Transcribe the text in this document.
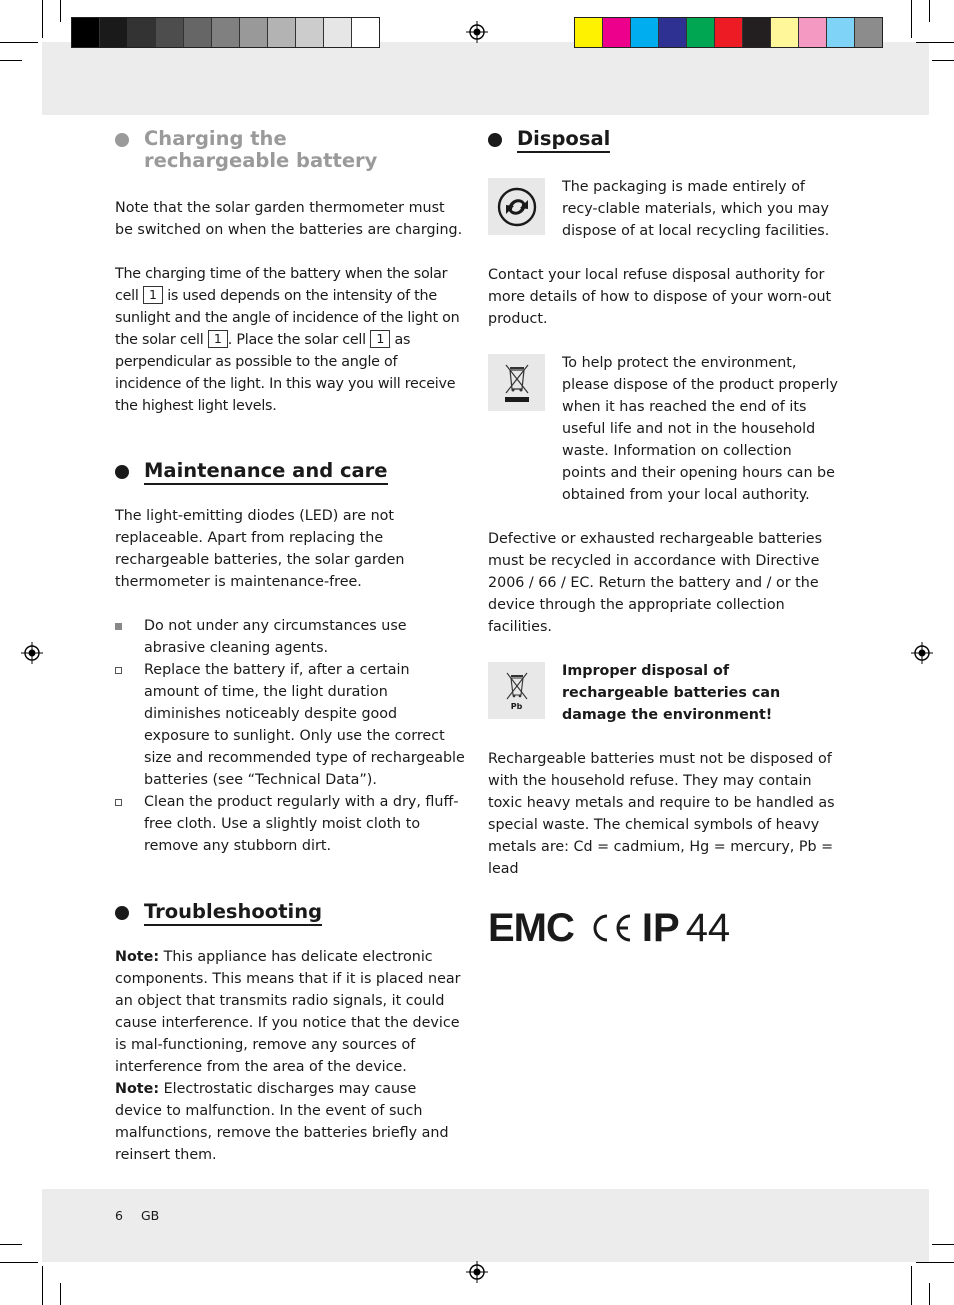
Charging the
rechargeable battery

Note that the solar garden thermometer must be switched on when the batteries are charging.

The charging time of the battery when the solar cell 1 is used depends on the intensity of the sunlight and the angle of incidence of the light on the solar cell 1 . Place the solar cell 1 as perpendicular as possible to the angle of incidence of the light. In this way you will receive the highest light levels.

Maintenance and care

The light-emitting diodes (LED) are not replaceable. Apart from replacing the rechargeable batteries, the solar garden thermometer is maintenance-free.

Do not under any circumstances use abrasive cleaning agents.
Replace the battery if, after a certain amount of time, the light duration diminishes noticeably despite good exposure to sunlight. Only use the correct size and recommended type of rechargeable batteries (see “Technical Data”).
Clean the product regularly with a dry, fluff-free cloth. Use a slightly moist cloth to remove any stubborn dirt.
Troubleshooting

Note: This appliance has delicate electronic components. This means that if it is placed near an object that transmits radio signals, it could cause interference. If you notice that the device is mal-functioning, remove any sources of interference from the area of the device.

Note: Electrostatic discharges may cause device to malfunction. In the event of such malfunctions, remove the batteries briefly and reinsert them.

Disposal

The packaging is made entirely of recy-clable materials, which you may dispose of at local recycling facilities.

Contact your local refuse disposal authority for more details of how to dispose of your worn-out product.

To help protect the environment, please dispose of the product properly when it has reached the end of its useful life and not in the household waste. Information on collection points and their opening hours can be obtained from your local authority.

Defective or exhausted rechargeable batteries must be recycled in accordance with Directive 2006 / 66 / EC. Return the battery and / or the device through the appropriate collection facilities.

Pb

Improper disposal of rechargeable batteries can damage the environment!

Rechargeable batteries must not be disposed of with the household refuse. They may contain toxic heavy metals and require to be handled as special waste. The chemical symbols of heavy metals are: Cd = cadmium, Hg = mercury, Pb = lead

EMC IP 44
6 GB
